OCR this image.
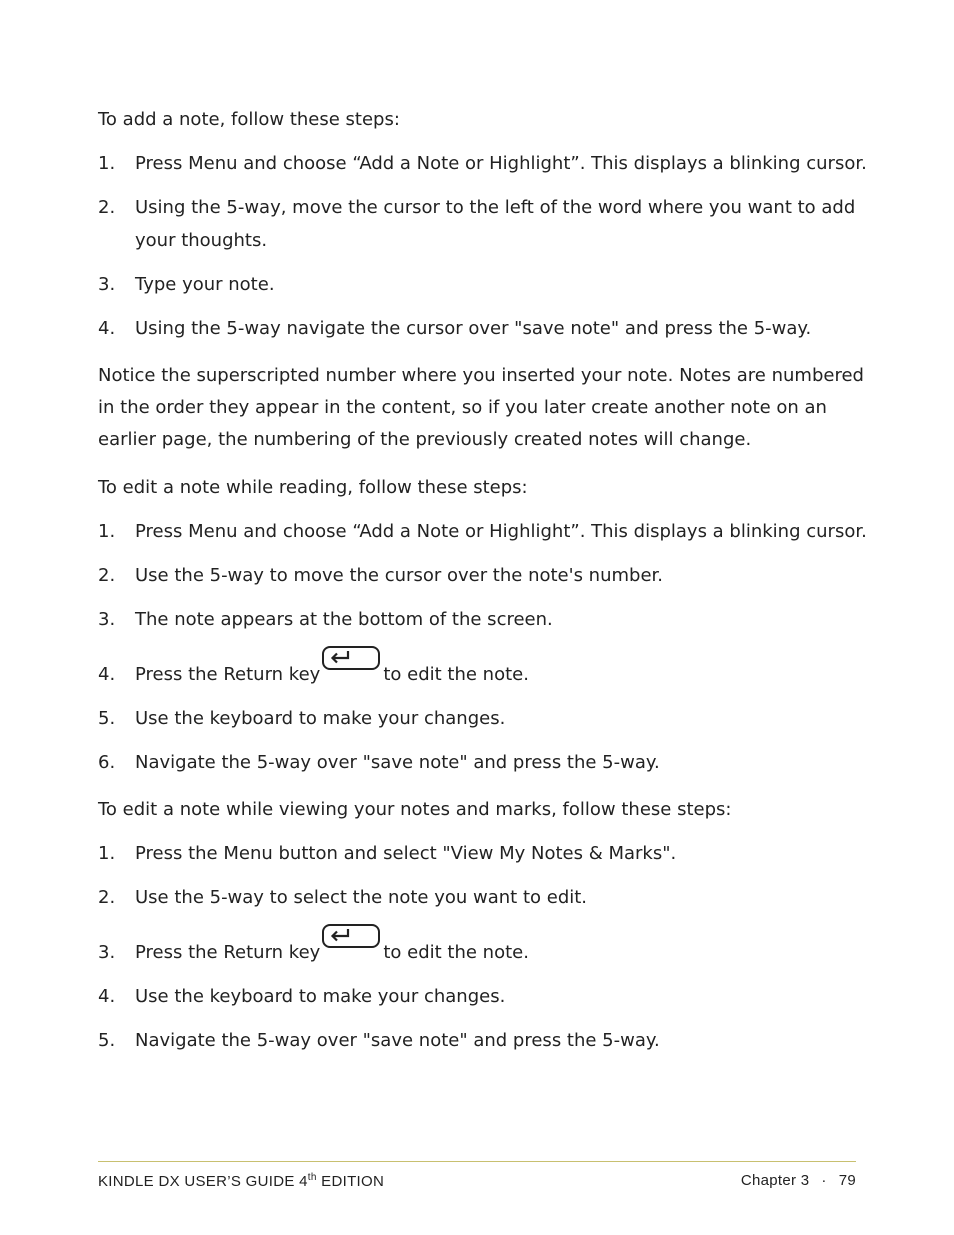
To add a note, follow these steps:

1. Press Menu and choose “Add a Note or Highlight”. This displays a blinking cursor.
2. Using the 5-way, move the cursor to the left of the word where you want to add your thoughts.
3. Type your note.
4. Using the 5-way navigate the cursor over "save note" and press the 5-way.

Notice the superscripted number where you inserted your note. Notes are numbered in the order they appear in the content, so if you later create another note on an earlier page, the numbering of the previously created notes will change.

To edit a note while reading, follow these steps:

1. Press Menu and choose “Add a Note or Highlight”. This displays a blinking cursor.
2. Use the 5-way to move the cursor over the note's number.
3. The note appears at the bottom of the screen.
4. Press the Return key	to edit the note.
5. Use the keyboard to make your changes.
6. Navigate the 5-way over "save note" and press the 5-way.

To edit a note while viewing your notes and marks, follow these steps:

1. Press the Menu button and select "View My Notes & Marks".
2. Use the 5-way to select the note you want to edit.
3. Press the Return key	to edit the note.
4. Use the keyboard to make your changes.
5. Navigate the 5-way over "save note" and press the 5-way.
KINDLE DX USER’S GUIDE 4th EDITION	Chapter 3 · 79
